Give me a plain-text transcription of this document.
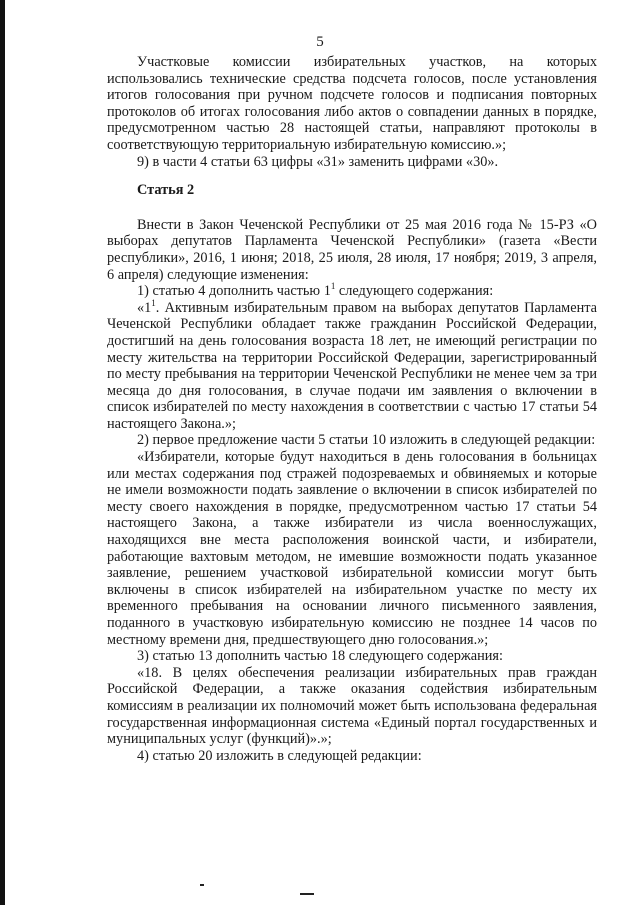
5

Участковые комиссии избирательных участков, на которых использовались технические средства подсчета голосов, после установления итогов голосования при ручном подсчете голосов и подписания повторных протоколов об итогах голосования либо актов о совпадении данных в порядке, предусмотренном частью 28 настоящей статьи, направляют протоколы в соответствующую территориальную избирательную комиссию.»;

9) в части 4 статьи 63 цифры «31» заменить цифрами «30».

Статья 2

Внести в Закон Чеченской Республики от 25 мая 2016 года № 15-РЗ «О выборах депутатов Парламента Чеченской Республики» (газета «Вести республики», 2016, 1 июня; 2018, 25 июля, 28 июля, 17 ноября; 2019, 3 апреля, 6 апреля) следующие изменения:

1) статью 4 дополнить частью $1^1$ следующего содержания:

«$1^1$. Активным избирательным правом на выборах депутатов Парламента Чеченской Республики обладает также гражданин Российской Федерации, достигший на день голосования возраста 18 лет, не имеющий регистрации по месту жительства на территории Российской Федерации, зарегистрированный по месту пребывания на территории Чеченской Республики не менее чем за три месяца до дня голосования, в случае подачи им заявления о включении в список избирателей по месту нахождения в соответствии с частью 17 статьи 54 настоящего Закона.»;

2) первое предложение части 5 статьи 10 изложить в следующей редакции:

«Избиратели, которые будут находиться в день голосования в больницах или местах содержания под стражей подозреваемых и обвиняемых и которые не имели возможности подать заявление о включении в список избирателей по месту своего нахождения в порядке, предусмотренном частью 17 статьи 54 настоящего Закона, а также избиратели из числа военнослужащих, находящихся вне места расположения воинской части, и избиратели, работающие вахтовым методом, не имевшие возможности подать указанное заявление, решением участковой избирательной комиссии могут быть включены в список избирателей на избирательном участке по месту их временного пребывания на основании личного письменного заявления, поданного в участковую избирательную комиссию не позднее 14 часов по местному времени дня, предшествующего дню голосования.»;

3) статью 13 дополнить частью 18 следующего содержания:

«18. В целях обеспечения реализации избирательных прав граждан Российской Федерации, а также оказания содействия избирательным комиссиям в реализации их полномочий может быть использована федеральная государственная информационная система «Единый портал государственных и муниципальных услуг (функций)».»;

4) статью 20 изложить в следующей редакции:
